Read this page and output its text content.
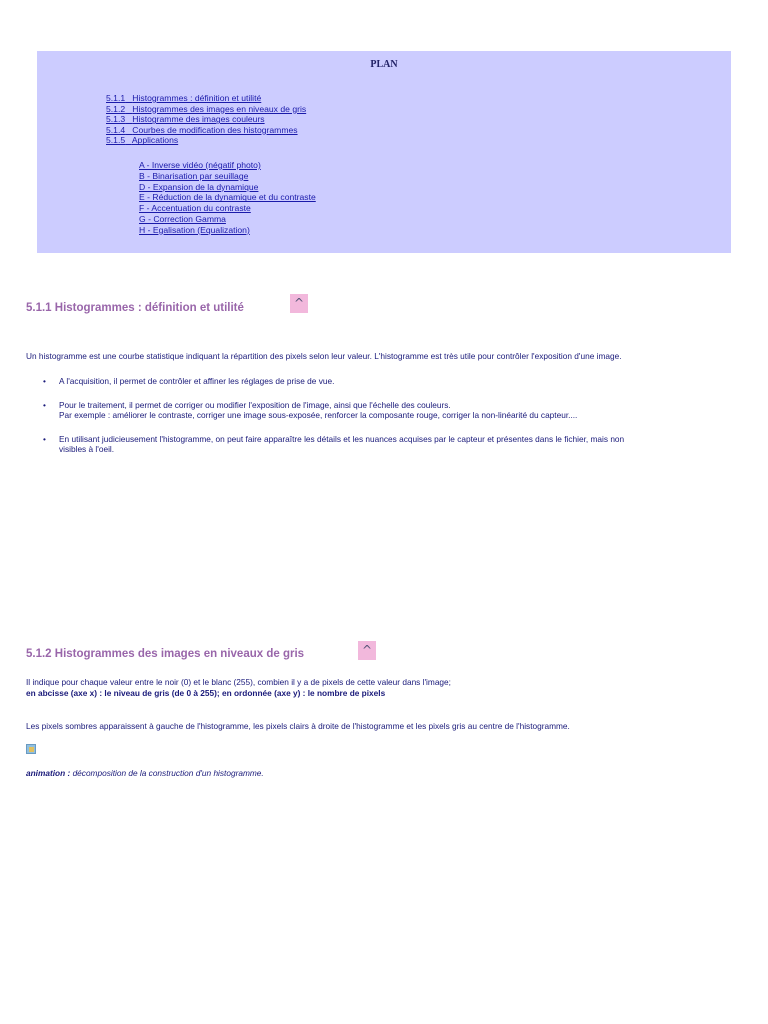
PLAN
5.1.1 Histogrammes : définition et utilité
5.1.2 Histogrammes des images en niveaux de gris
5.1.3 Histogramme des images couleurs
5.1.4 Courbes de modification des histogrammes
5.1.5 Applications
A - Inverse vidéo (négatif photo)
B - Binarisation par seuillage
D - Expansion de la dynamique
E - Réduction de la dynamique et du contraste
F - Accentuation du contraste
G - Correction Gamma
H - Egalisation (Equalization)
5.1.1 Histogrammes : définition et utilité	^

Un histogramme est une courbe statistique indiquant la répartition des pixels selon leur valeur. L'histogramme est très utile pour contrôler l'exposition d'une image.

• A l'acquisition, il permet de contrôler et affiner les réglages de prise de vue.
• Pour le traitement, il permet de corriger ou modifier l'exposition de l'image, ainsi que l'échelle des couleurs.
Par exemple : améliorer le contraste, corriger une image sous-exposée, renforcer la composante rouge, corriger la non-linéarité du capteur....
• En utilisant judicieusement l'histogramme, on peut faire apparaître les détails et les nuances acquises par le capteur et présentes dans le fichier, mais non
visibles à l'oeil.
5.1.2 Histogrammes des images en niveaux de gris	^

Il indique pour chaque valeur entre le noir (0) et le blanc (255), combien il y a de pixels de cette valeur dans l'image;

en abcisse (axe x) : le niveau de gris (de 0 à 255); en ordonnée (axe y) : le nombre de pixels

Les pixels sombres apparaissent à gauche de l'histogramme, les pixels clairs à droite de l'histogramme et les pixels gris au centre de l'histogramme.

animation : décomposition de la construction d'un histogramme.
